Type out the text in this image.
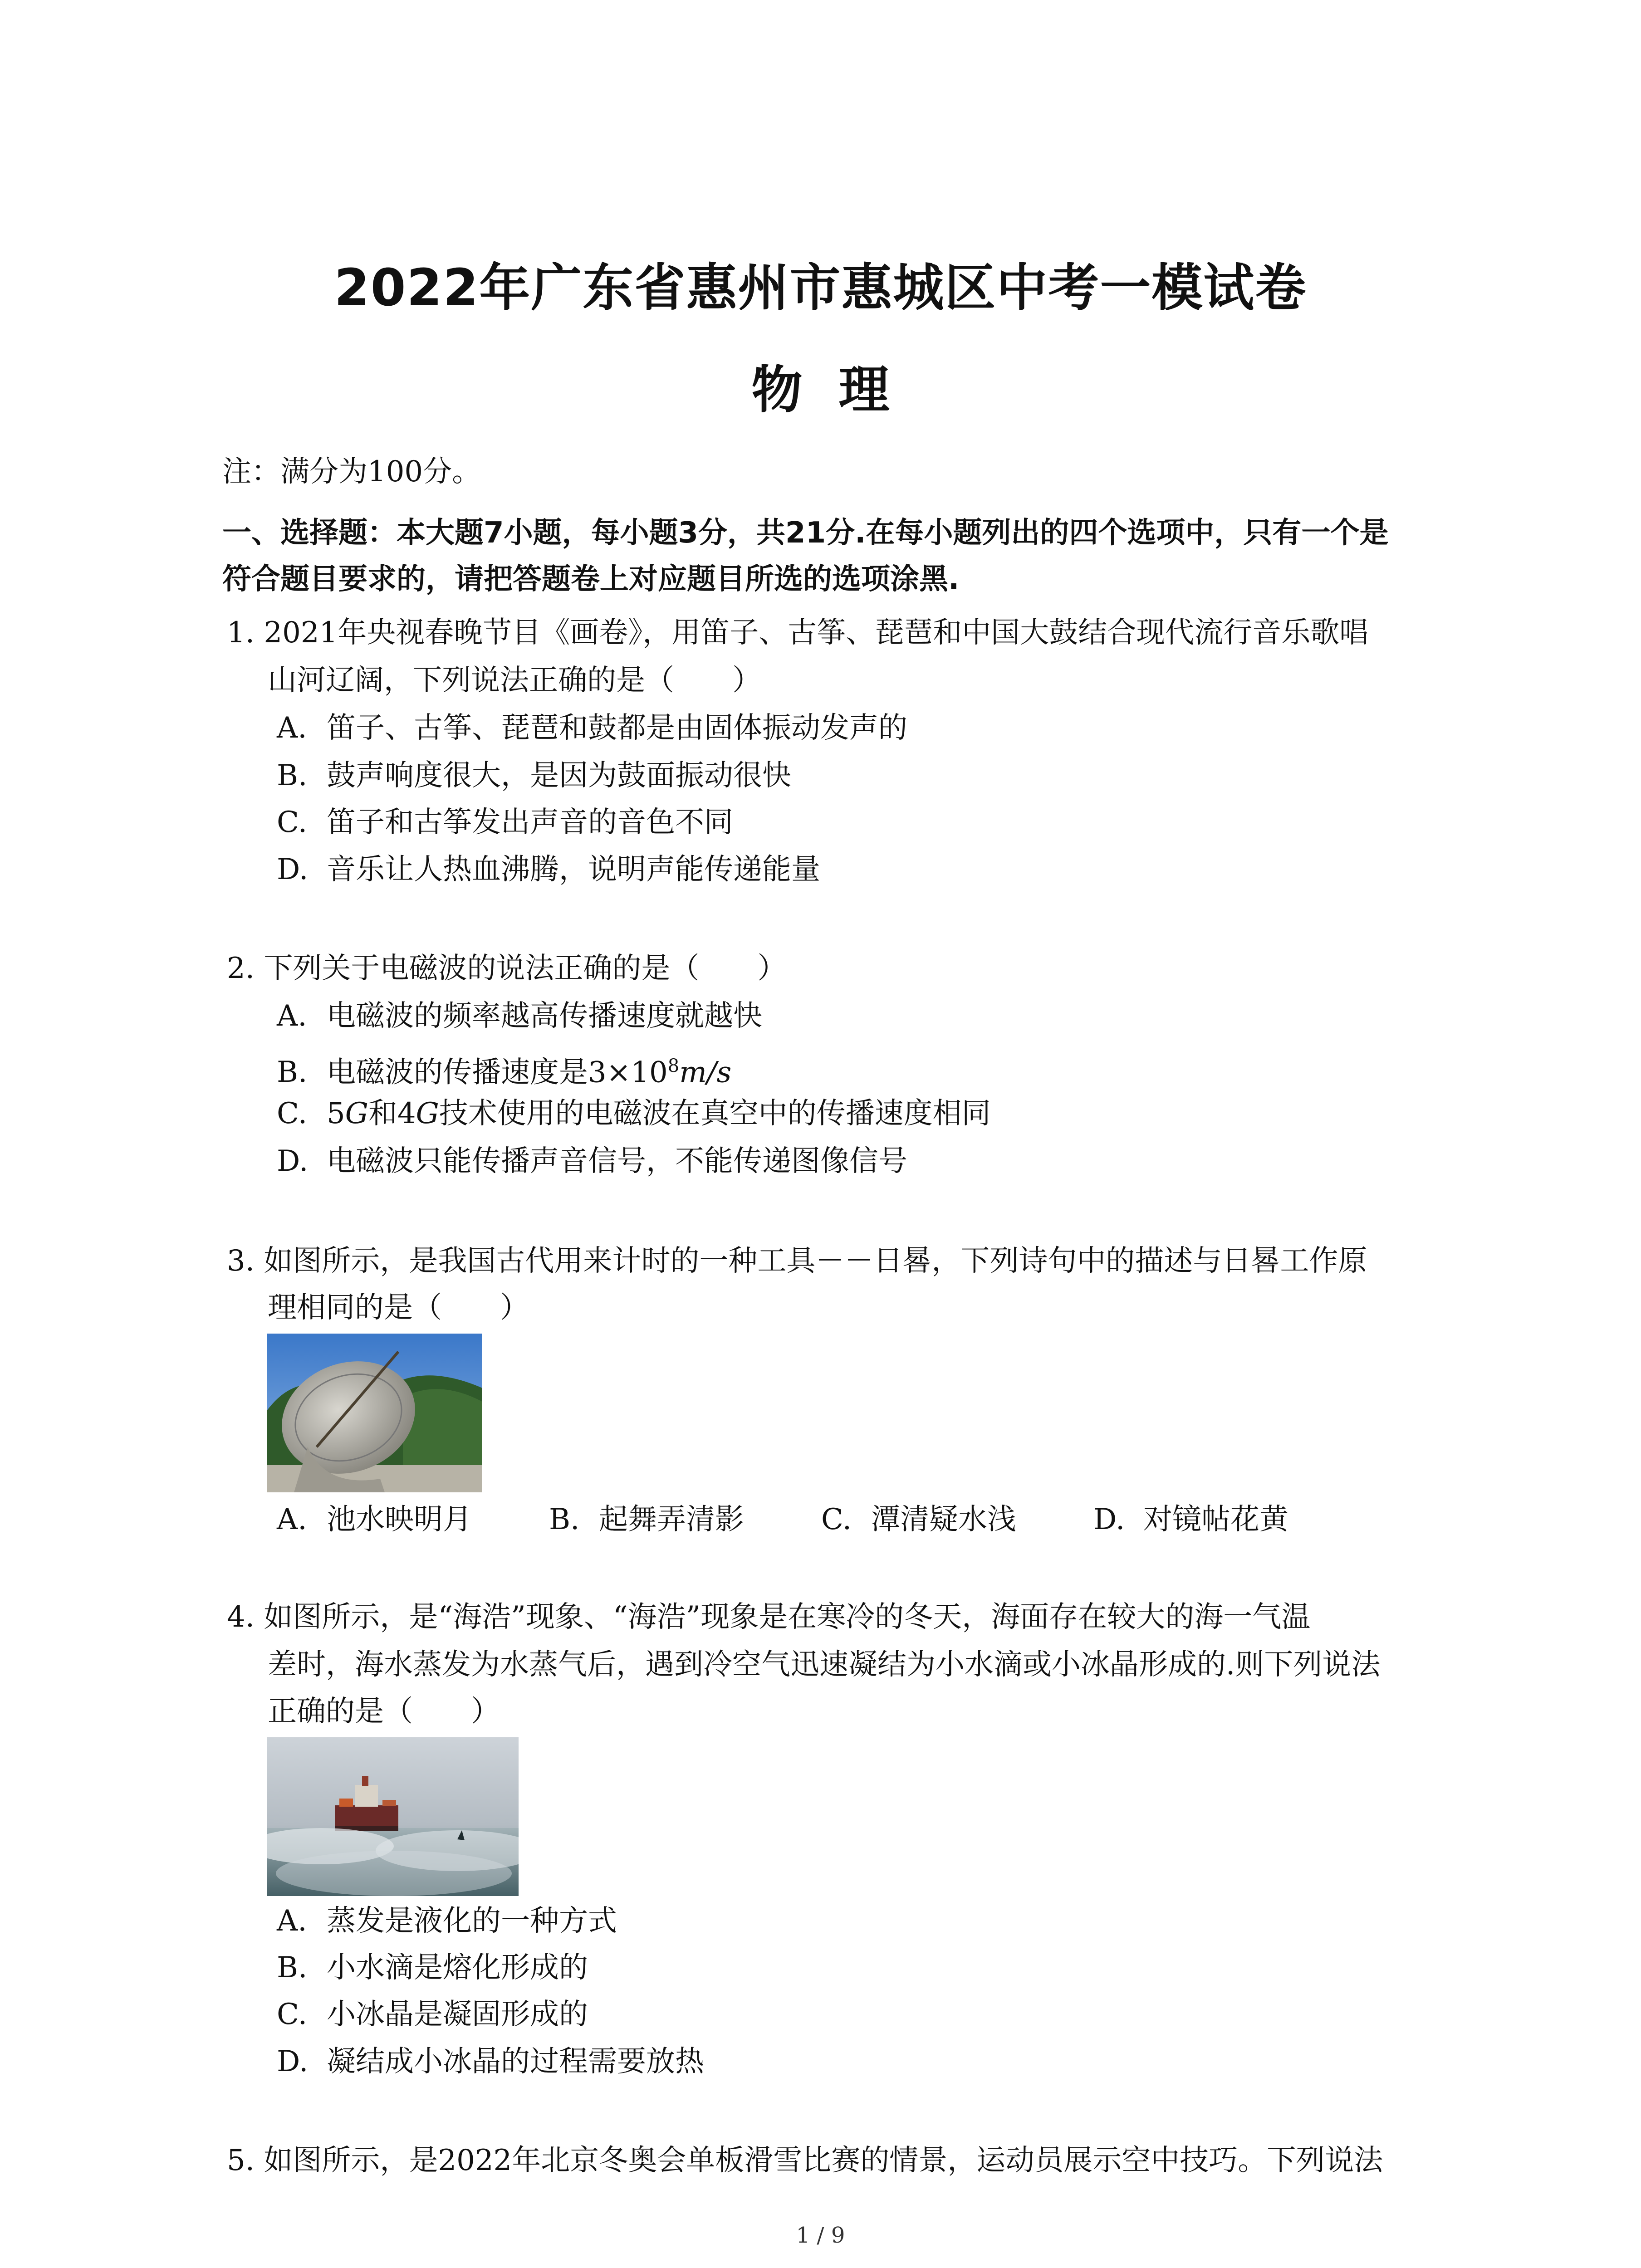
2022年广东省惠州市惠城区中考一模试卷
物理
注：满分为100分。
一、选择题：本大题7小题，每小题3分，共21分.在每小题列出的四个选项中，只有一个是
符合题目要求的，请把答题卷上对应题目所选的选项涂黑.
1. 2021年央视春晚节目《画卷》，用笛子、古筝、琵琶和中国大鼓结合现代流行音乐歌唱
山河辽阔，下列说法正确的是（　　）
A. 笛子、古筝、琵琶和鼓都是由固体振动发声的
B. 鼓声响度很大，是因为鼓面振动很快
C. 笛子和古筝发出声音的音色不同
D. 音乐让人热血沸腾，说明声能传递能量
2. 下列关于电磁波的说法正确的是（　　）
A. 电磁波的频率越高传播速度就越快
B. 电磁波的传播速度是$3\times 10^8m/s$
C. 5G和4G技术使用的电磁波在真空中的传播速度相同
D. 电磁波只能传播声音信号，不能传递图像信号
3. 如图所示，是我国古代用来计时的一种工具－－日晷，下列诗句中的描述与日晷工作原
理相同的是（　　）
A. 池水映明月	B. 起舞弄清影	C. 潭清疑水浅	D. 对镜帖花黄
4. 如图所示，是“海浩”现象、“海浩”现象是在寒冷的冬天，海面存在较大的海一气温
差时，海水蒸发为水蒸气后，遇到冷空气迅速凝结为小水滴或小冰晶形成的.则下列说法
正确的是（　　）
A. 蒸发是液化的一种方式
B. 小水滴是熔化形成的
C. 小冰晶是凝固形成的
D. 凝结成小冰晶的过程需要放热
5. 如图所示，是2022年北京冬奥会单板滑雪比赛的情景，运动员展示空中技巧。下列说法
1 / 9
